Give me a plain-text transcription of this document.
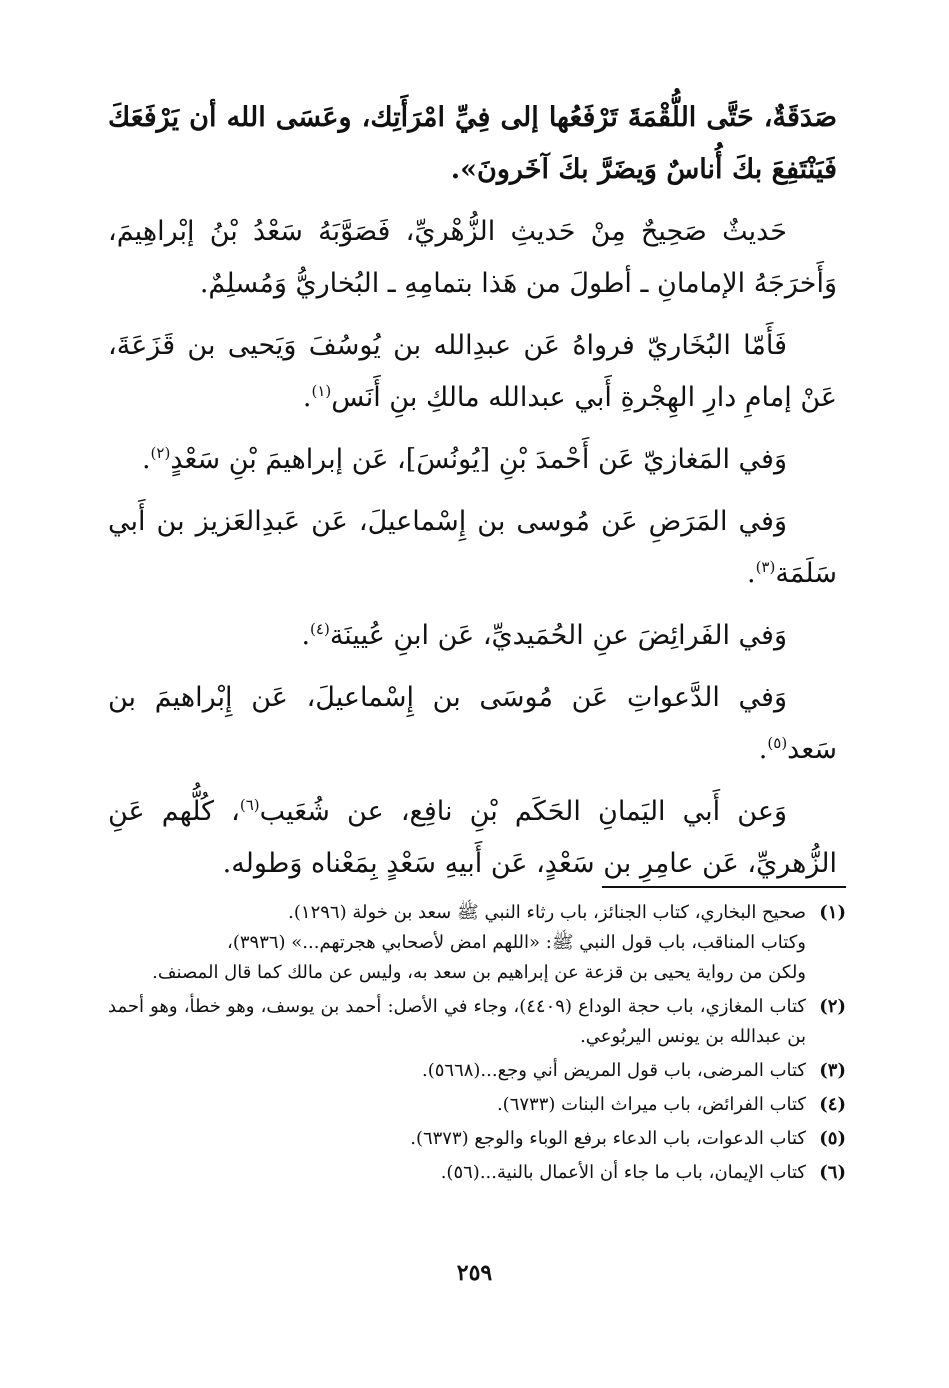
صَدَقَةٌ، حَتَّى اللُّقْمَةَ تَرْفَعُها إلى فِيِّ امْرَأَتِك، وعَسَى الله أن يَرْفَعَكَ فَيَنْتَفِعَ بكَ أُناسٌ وَيضَرَّ بكَ آخَرونَ».

حَديثٌ صَحِيحٌ مِنْ حَديثِ الزُّهْريِّ، فَصَوَّبَهُ سَعْدُ بْنُ إبْراهِيمَ، وَأَخرَجَهُ الإمامانِ ـ أطولَ من هَذا بتمامِهِ ـ البُخاريُّ وَمُسلِمٌ.

فَأَمّا البُخَاريّ فرواهُ عَن عبدِالله بن يُوسُفَ وَيَحيى بن قَزَعَةَ، عَنْ إمامِ دارِ الهِجْرةِ أَبي عبدالله مالكِ بنِ أَنَس$^{(١)}$.

وَفي المَغازيّ عَن أَحْمدَ بْنِ [يُونُسَ]، عَن إبراهيمَ بْنِ سَعْدٍ$^{(٢)}$.

وَفي المَرَضِ عَن مُوسى بن إِسْماعيلَ، عَن عَبدِالعَزيز بن أَبي سَلَمَة$^{(٣)}$.

وَفي الفَرائِضَ عنِ الحُمَيديِّ، عَن ابنِ عُيينَة$^{(٤)}$.

وَفي الدَّعواتِ عَن مُوسَى بن إِسْماعيلَ، عَن إِبْراهيمَ بن سَعد$^{(٥)}$.

وَعن أَبي اليَمانِ الحَكَم بْنِ نافِع، عن شُعَيب$^{(٦)}$، كُلُّهم عَنِ الزُّهريِّ، عَن عامِرِ بن سَعْدٍ، عَن أَبيهِ سَعْدٍ بِمَعْناه وَطوله.

(١)
صحيح البخاري، كتاب الجنائز، باب رثاء النبي ﷺ سعد بن خولة (١٢٩٦).
وكتاب المناقب، باب قول النبي ﷺ: «اللهم امض لأصحابي هجرتهم...» (٣٩٣٦)،
ولكن من رواية يحيى بن قزعة عن إبراهيم بن سعد به، وليس عن مالك كما قال المصنف.
(٢)
كتاب المغازي، باب حجة الوداع (٤٤٠٩)، وجاء في الأصل: أحمد بن يوسف، وهو خطأ، وهو أحمد بن عبدالله بن يونس اليربُوعي.
(٣)
كتاب المرضى، باب قول المريض أني وجع...(٥٦٦٨).
(٤)
كتاب الفرائض، باب ميراث البنات (٦٧٣٣).
(٥)
كتاب الدعوات، باب الدعاء برفع الوباء والوجع (٦٣٧٣).
(٦)
كتاب الإيمان، باب ما جاء أن الأعمال بالنية...(٥٦).
٢٥٩
